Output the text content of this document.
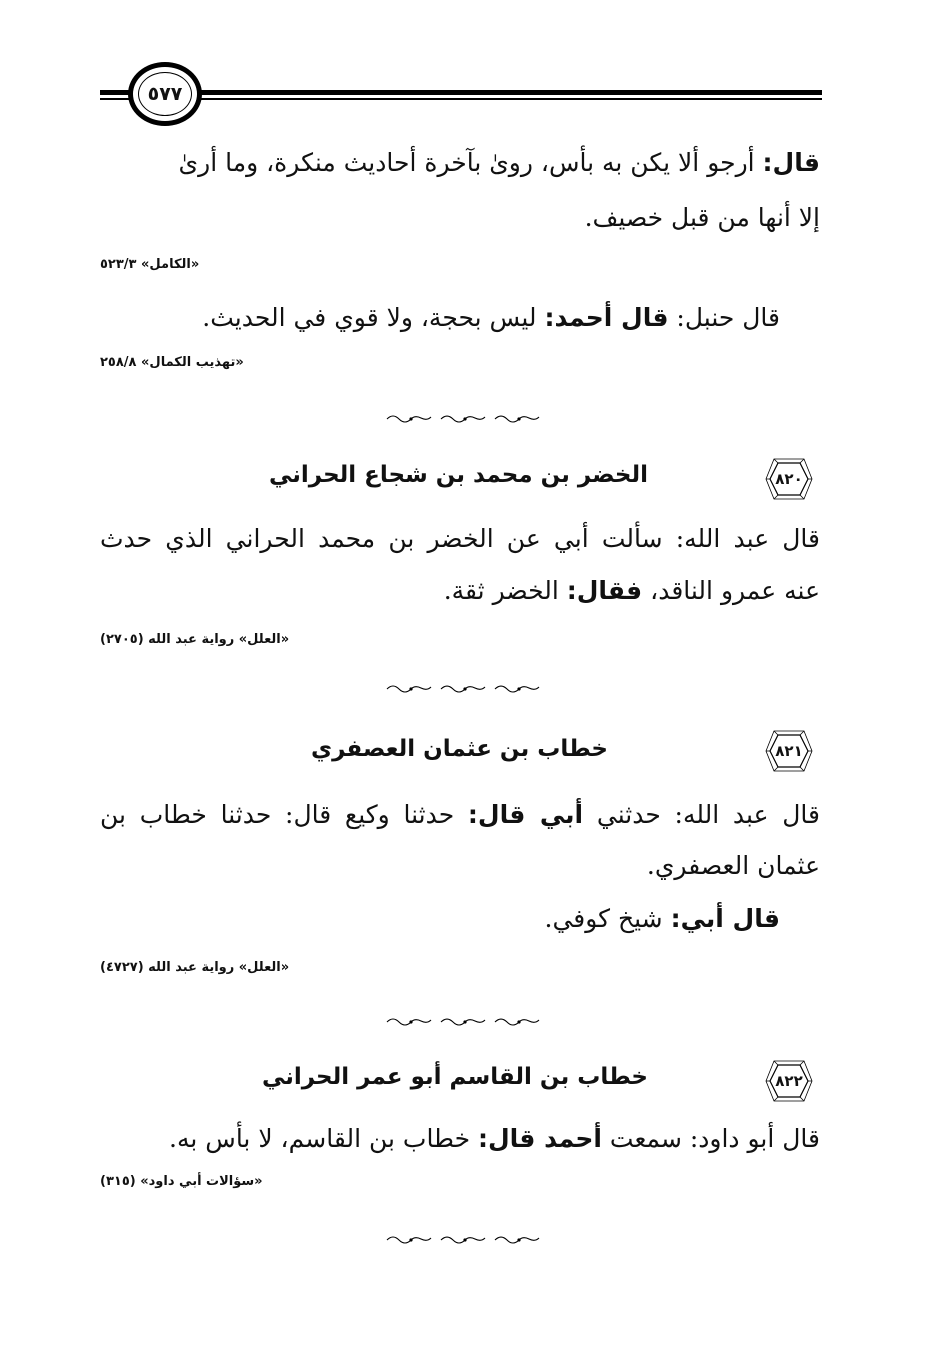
٥٧٧
قال: أرجو ألا يكن به بأس، رویٰ بآخرة أحاديث منكرة، وما أریٰ
إلا أنها من قبل خصيف.
«الكامل» ٥٢٣/٣
قال حنبل: قال أحمد: ليس بحجة، ولا قوي في الحديث.
«تهذيب الكمال» ٢٥٨/٨
٨٢٠
الخضر بن محمد بن شجاع الحراني
قال عبد الله: سألت أبي عن الخضر بن محمد الحراني الذي حدث
عنه عمرو الناقد، فقال: الخضر ثقة.
«العلل» رواية عبد الله (٢٧٠٥)
٨٢١
خطاب بن عثمان العصفري
قال عبد الله: حدثني أبي قال: حدثنا وكيع قال: حدثنا خطاب بن
عثمان العصفري.
قال أبي: شيخ كوفي.
«العلل» رواية عبد الله (٤٧٢٧)
٨٢٢
خطاب بن القاسم أبو عمر الحراني
قال أبو داود: سمعت أحمد قال: خطاب بن القاسم، لا بأس به.
«سؤالات أبي داود» (٣١٥)
